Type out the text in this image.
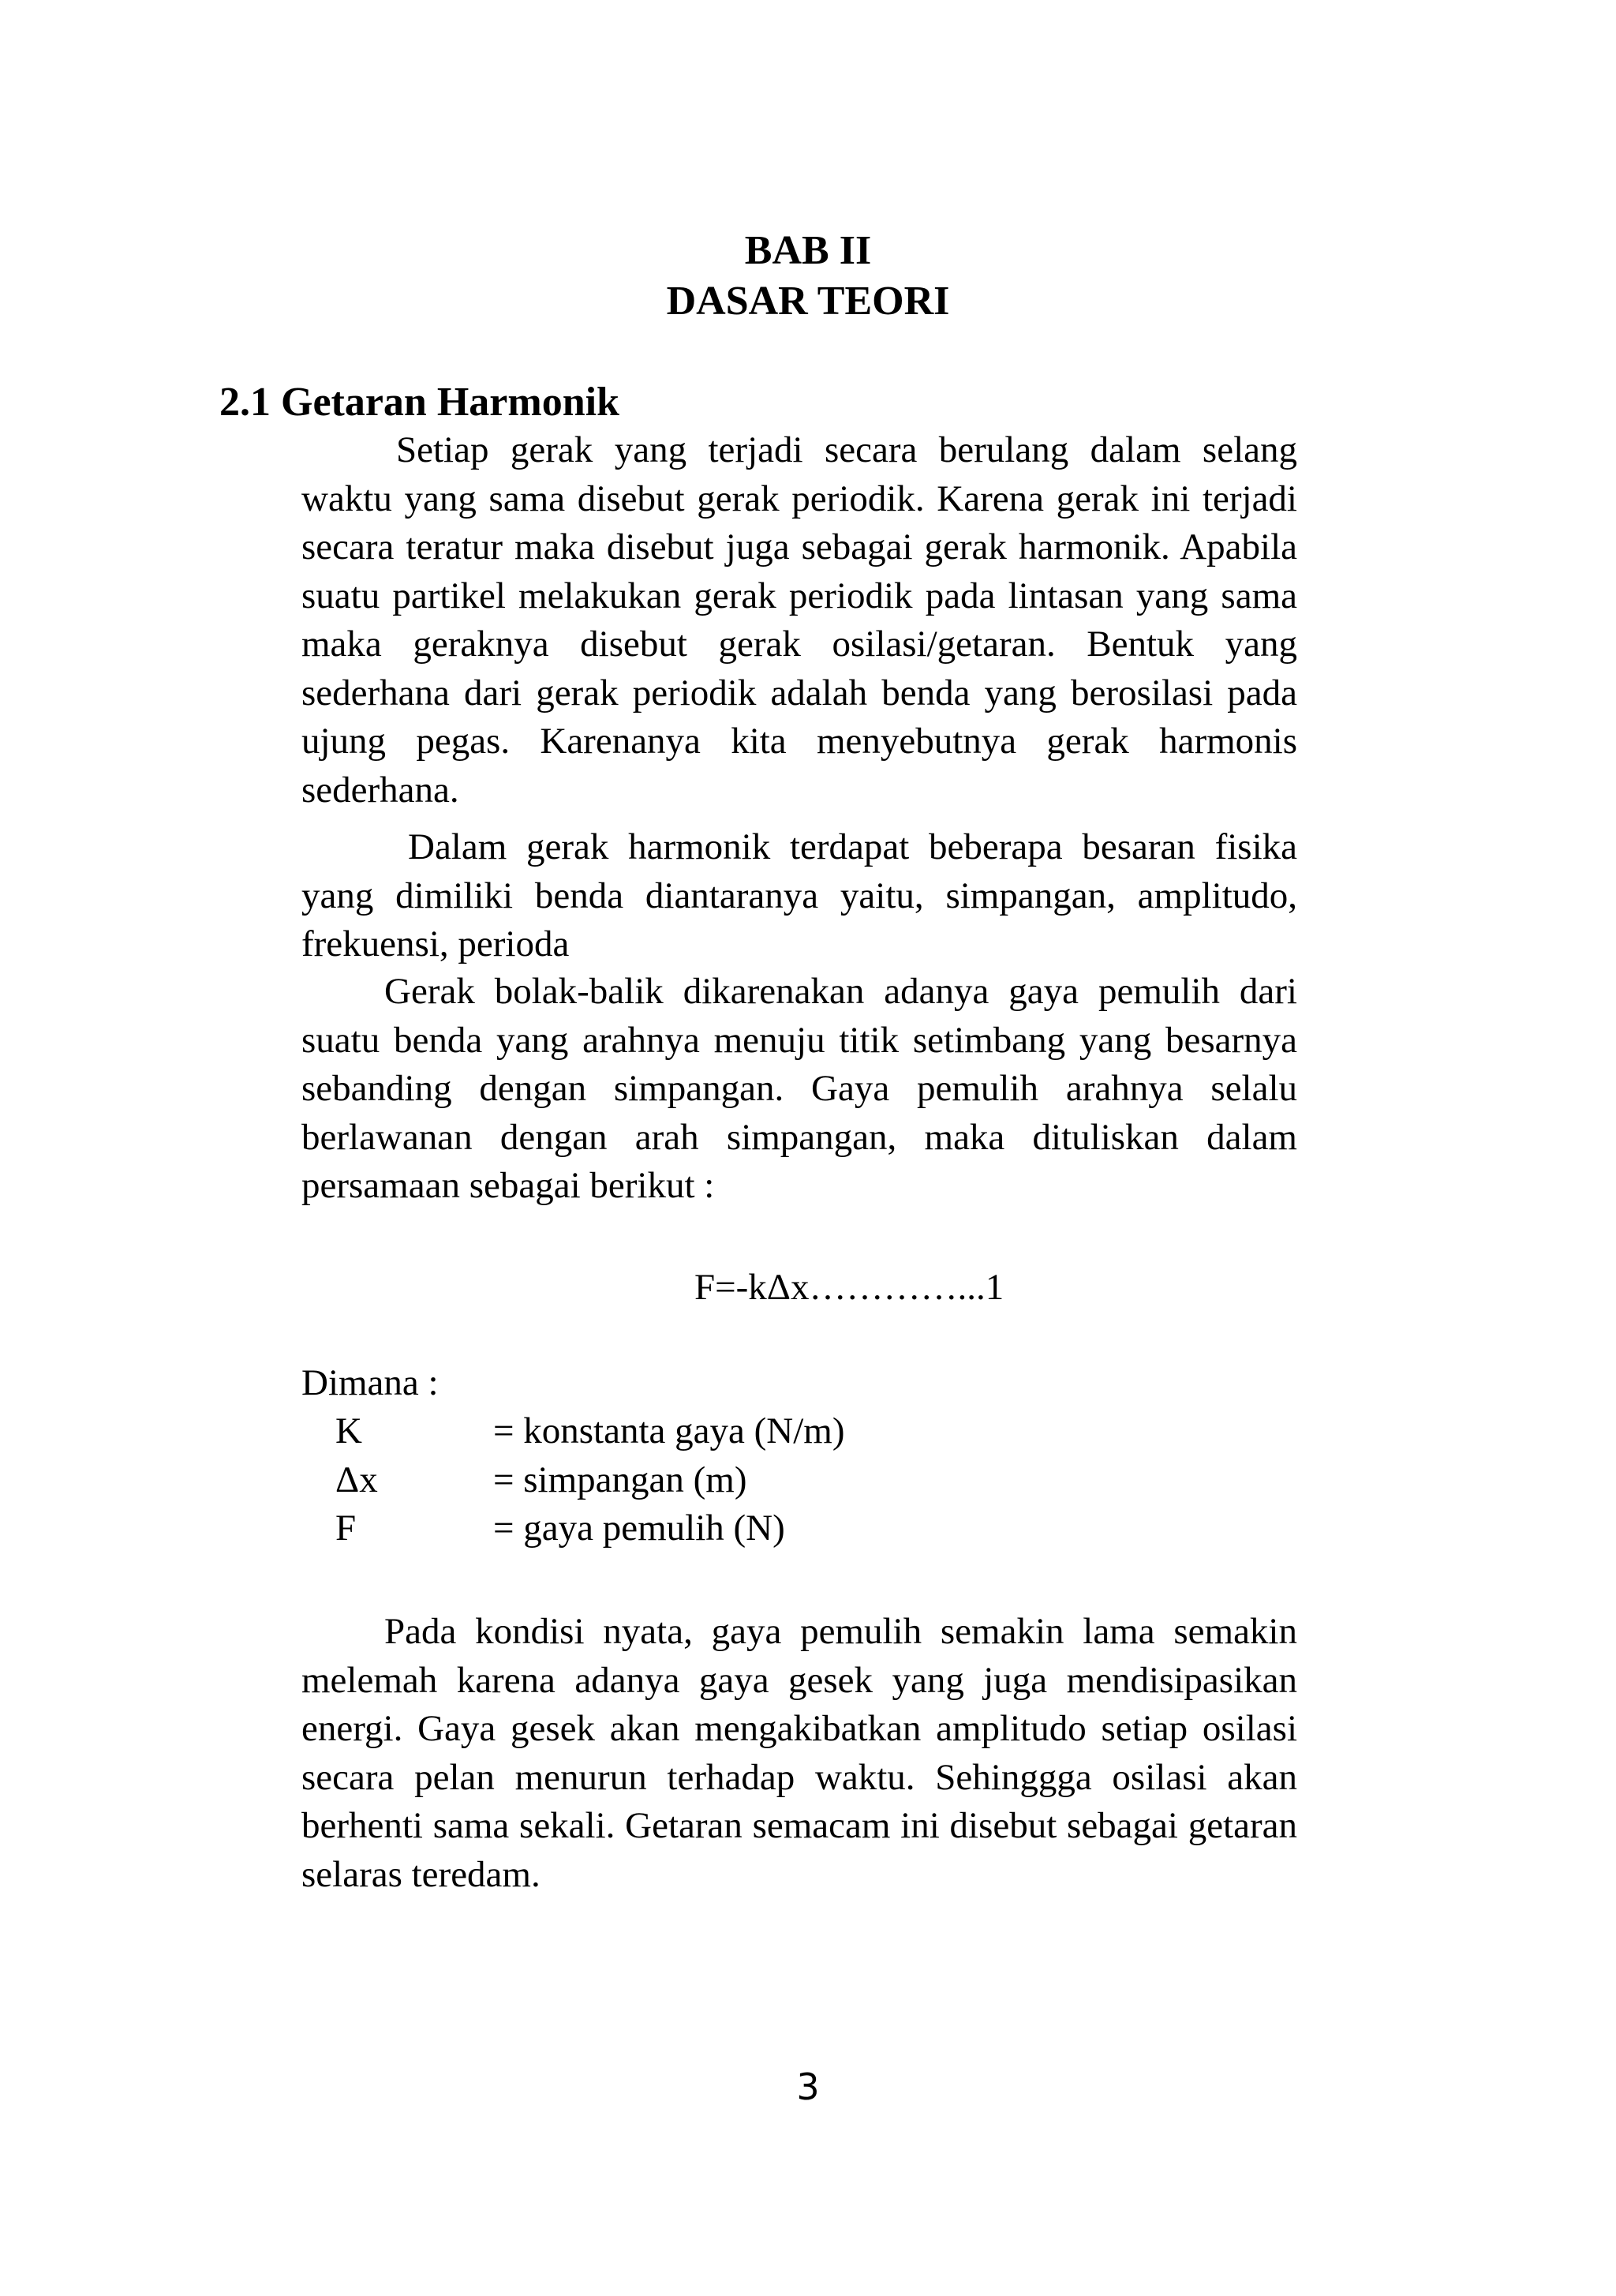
BAB II
DASAR TEORI
2.1 Getaran Harmonik

Setiap gerak yang terjadi secara berulang dalam selang waktu yang sama disebut gerak periodik. Karena gerak ini terjadi secara teratur maka disebut juga sebagai gerak harmonik. Apabila suatu partikel melakukan gerak periodik pada lintasan yang sama maka geraknya disebut gerak osilasi/getaran. Bentuk yang sederhana dari gerak periodik adalah benda yang berosilasi pada ujung pegas. Karenanya kita menyebutnya gerak harmonis sederhana.

Dalam gerak harmonik terdapat beberapa besaran fisika yang dimiliki benda diantaranya yaitu, simpangan, amplitudo, frekuensi, perioda

Gerak bolak-balik dikarenakan adanya gaya pemulih dari suatu benda yang arahnya menuju titik setimbang yang besarnya sebanding dengan simpangan. Gaya pemulih arahnya selalu berlawanan dengan arah simpangan, maka dituliskan dalam persamaan sebagai berikut :

F=-kΔx…………...1
Dimana :
K	= konstanta gaya (N/m)
Δx	= simpangan (m)
F	= gaya pemulih (N)

Pada kondisi nyata, gaya pemulih semakin lama semakin melemah karena adanya gaya gesek yang juga mendisipasikan energi. Gaya gesek akan mengakibatkan amplitudo setiap osilasi secara pelan menurun terhadap waktu. Sehinggga osilasi akan berhenti sama sekali. Getaran semacam ini disebut sebagai getaran selaras teredam.

3
